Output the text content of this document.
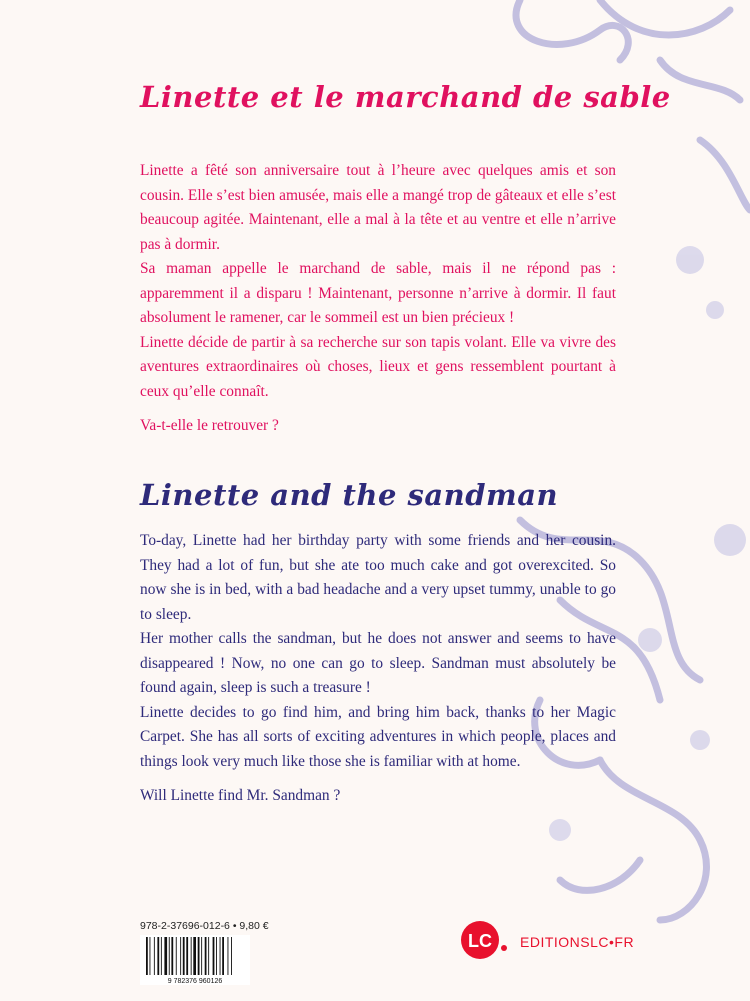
Linette et le marchand de sable

Linette a fêté son anniversaire tout à l’heure avec quelques amis et son cousin. Elle s’est bien amusée, mais elle a mangé trop de gâteaux et elle s’est beaucoup agitée. Maintenant, elle a mal à la tête et au ventre et elle n’arrive pas à dormir.

Sa maman appelle le marchand de sable, mais il ne répond pas : apparemment il a disparu ! Maintenant, personne n’arrive à dormir. Il faut absolument le ramener, car le sommeil est un bien précieux !

Linette décide de partir à sa recherche sur son tapis volant. Elle va vivre des aventures extraordinaires où choses, lieux et gens ressemblent pourtant à ceux qu’elle connaît.

Va-t-elle le retrouver ?

Linette and the sandman

To-day, Linette had her birthday party with some friends and her cousin. They had a lot of fun, but she ate too much cake and got overexcited. So now she is in bed, with a bad headache and a very upset tummy, unable to go to sleep.

Her mother calls the sandman, but he does not answer and seems to have disappeared ! Now, no one can go to sleep. Sandman must absolutely be found again, sleep is such a treasure !

Linette decides to go find him, and bring him back, thanks to her Magic Carpet. She has all sorts of exciting adventures in which people, places and things look very much like those she is familiar with at home.

Will Linette find Mr. Sandman ?

978-2-37696-012-6 • 9,80 €
9 782376 960126
LC EDITIONSLC•FR
